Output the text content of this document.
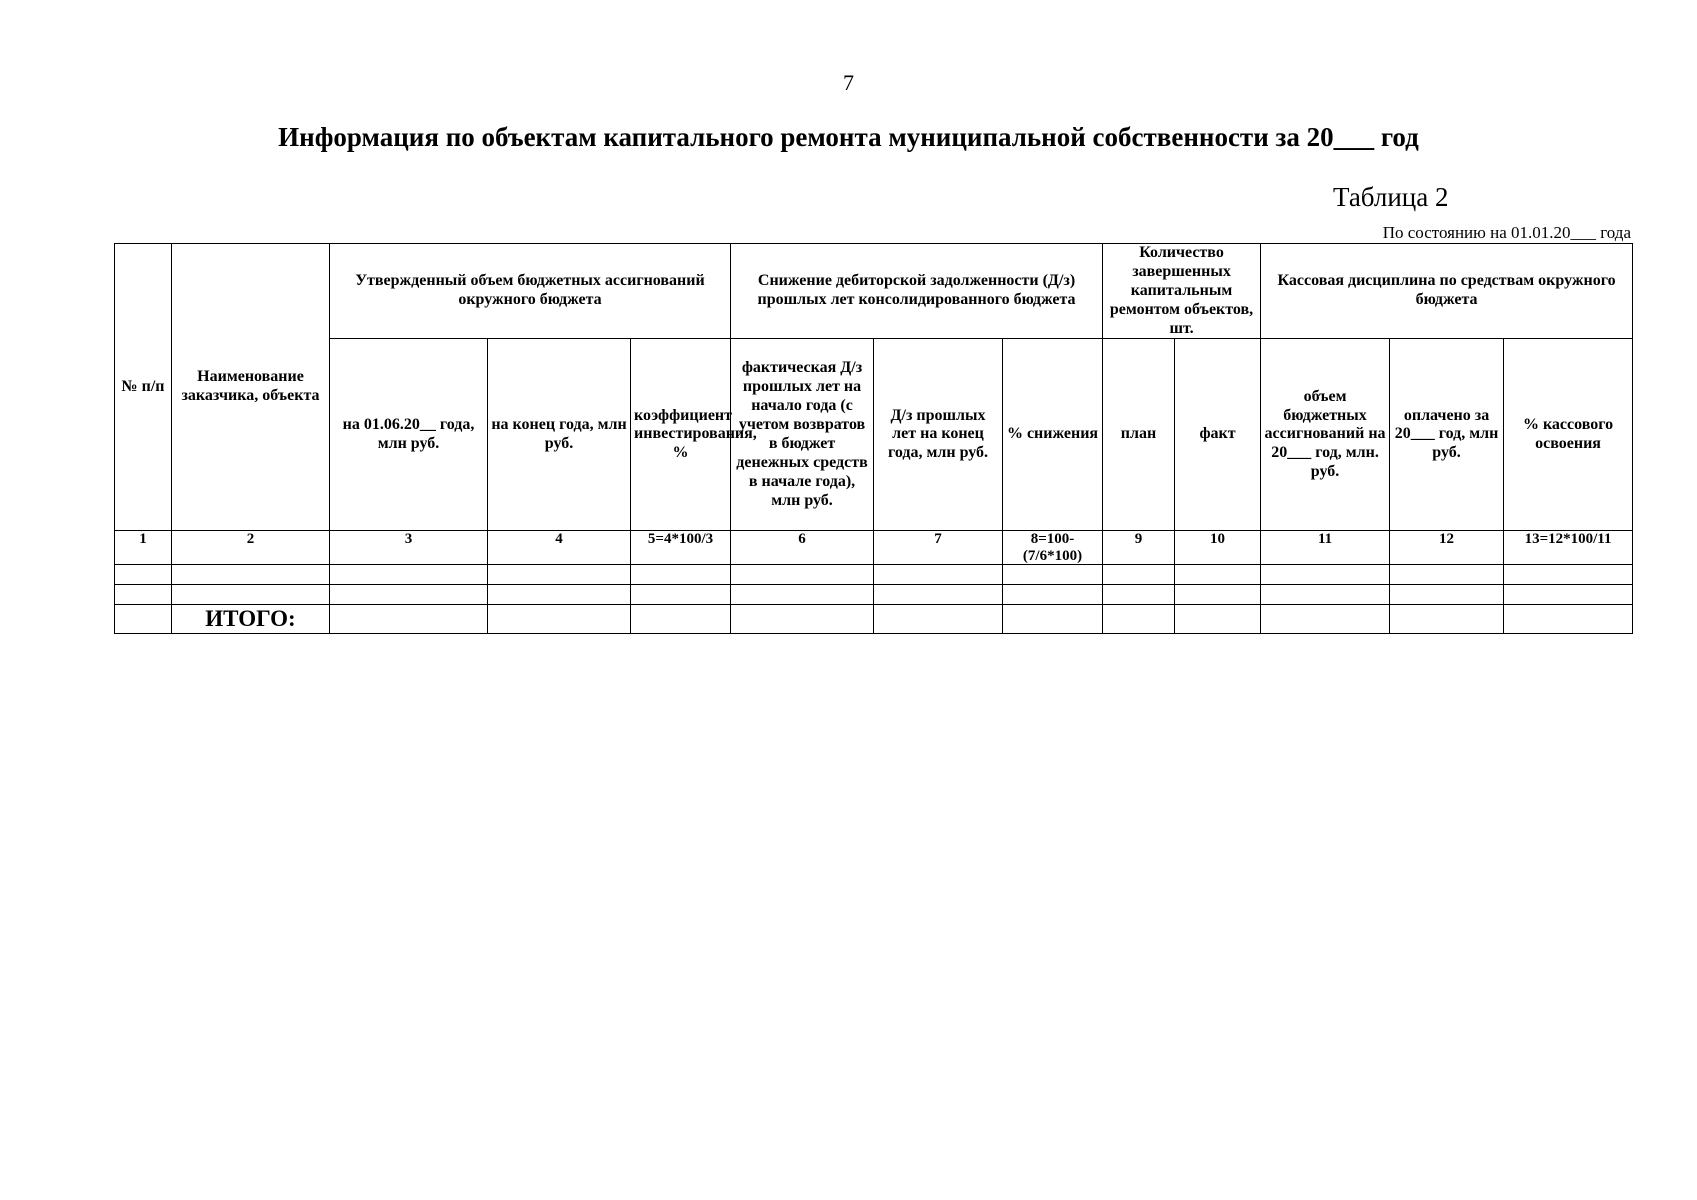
7
Информация по объектам капитального ремонта муниципальной собственности за 20___ год
Таблица 2
По состоянию на 01.01.20___ года
№ п/п	Наименование заказчика, объекта	Утвержденный объем бюджетных ассигнований окружного бюджета			Снижение дебиторской задолженности (Д/з) прошлых лет консолидированного бюджета			Количество завершенных капитальным ремонтом объектов, шт.		Кассовая дисциплина по средствам окружного бюджета		
		на 01.06.20__ года, млн руб.	на конец года, млн руб.	коэффициент инвестирования, %	фактическая Д/з прошлых лет на начало года (с учетом возвратов в бюджет денежных средств в начале года), млн руб.	Д/з прошлых лет на конец года, млн руб.	% снижения	план	факт	объем бюджетных ассигнований на 20___ год, млн. руб.	оплачено за 20___ год, млн руб.	% кассового освоения
1	2	3	4	5=4*100/3	6	7	8=100-(7/6*100)	9	10	11	12	13=12*100/11

	ИТОГО:											
